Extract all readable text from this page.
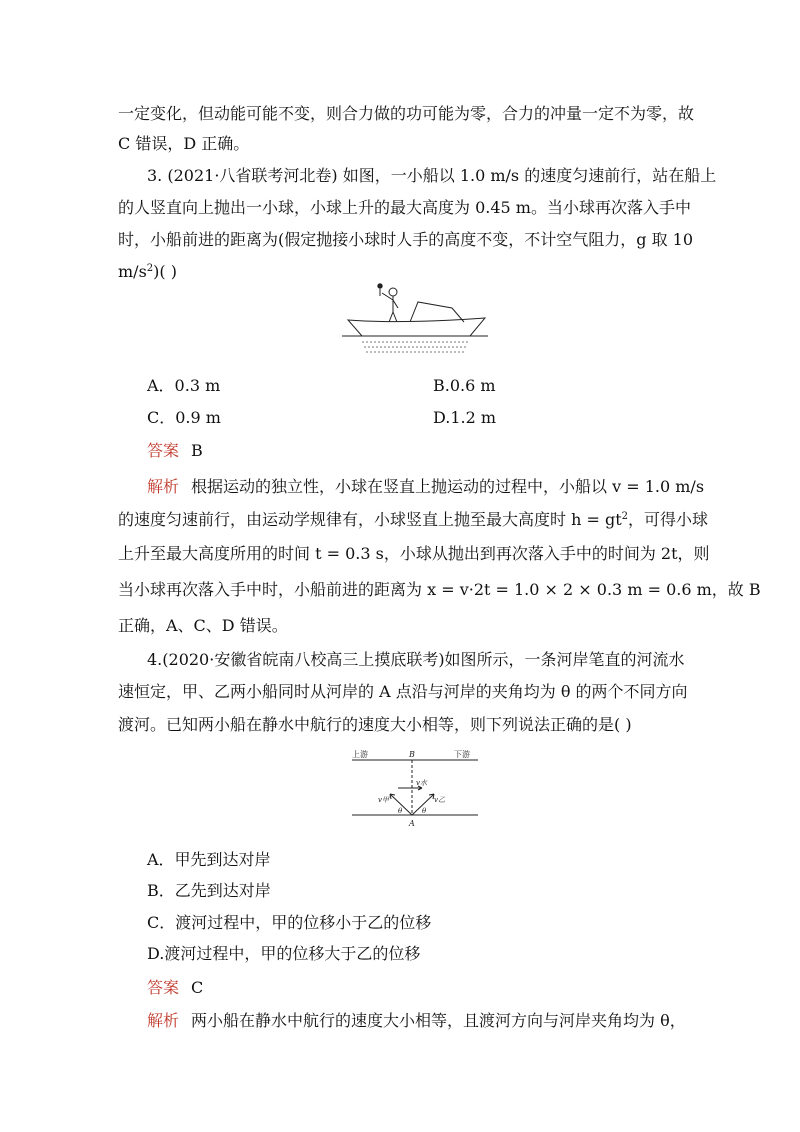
一定变化，但动能可能不变，则合力做的功可能为零，合力的冲量一定不为零，故
C 错误，D 正确。
3. (2021·八省联考河北卷) 如图，一小船以 1.0 m/s 的速度匀速前行，站在船上
的人竖直向上抛出一小球，小球上升的最大高度为 0.45 m。当小球再次落入手中
时，小船前进的距离为(假定抛接小球时人手的高度不变，不计空气阻力，g 取 10
$m/s^2$)( )
A．0.3 m	B.0.6 m
C．0.9 m	D.1.2 m
答案 B
解析 根据运动的独立性，小球在竖直上抛运动的过程中，小船以 v = 1.0 m/s
的速度匀速前行，由运动学规律有，小球竖直上抛至最大高度时 $h = gt^2$，可得小球
上升至最大高度所用的时间 t = 0.3 s，小球从抛出到再次落入手中的时间为 2t，则
当小球再次落入手中时，小船前进的距离为 x = v·2t = 1.0 × 2 × 0.3 m = 0.6 m，故 B
正确，A、C、D 错误。
4.(2020·安徽省皖南八校高三上摸底联考)如图所示，一条河岸笔直的河流水
速恒定，甲、乙两小船同时从河岸的 A 点沿与河岸的夹角均为 θ 的两个不同方向
渡河。已知两小船在静水中航行的速度大小相等，则下列说法正确的是( )
上游	B	下游
v水
v甲	v乙
θ	θ
A
A．甲先到达对岸
B．乙先到达对岸
C．渡河过程中，甲的位移小于乙的位移
D.渡河过程中，甲的位移大于乙的位移
答案 C
解析 两小船在静水中航行的速度大小相等，且渡河方向与河岸夹角均为 θ，
